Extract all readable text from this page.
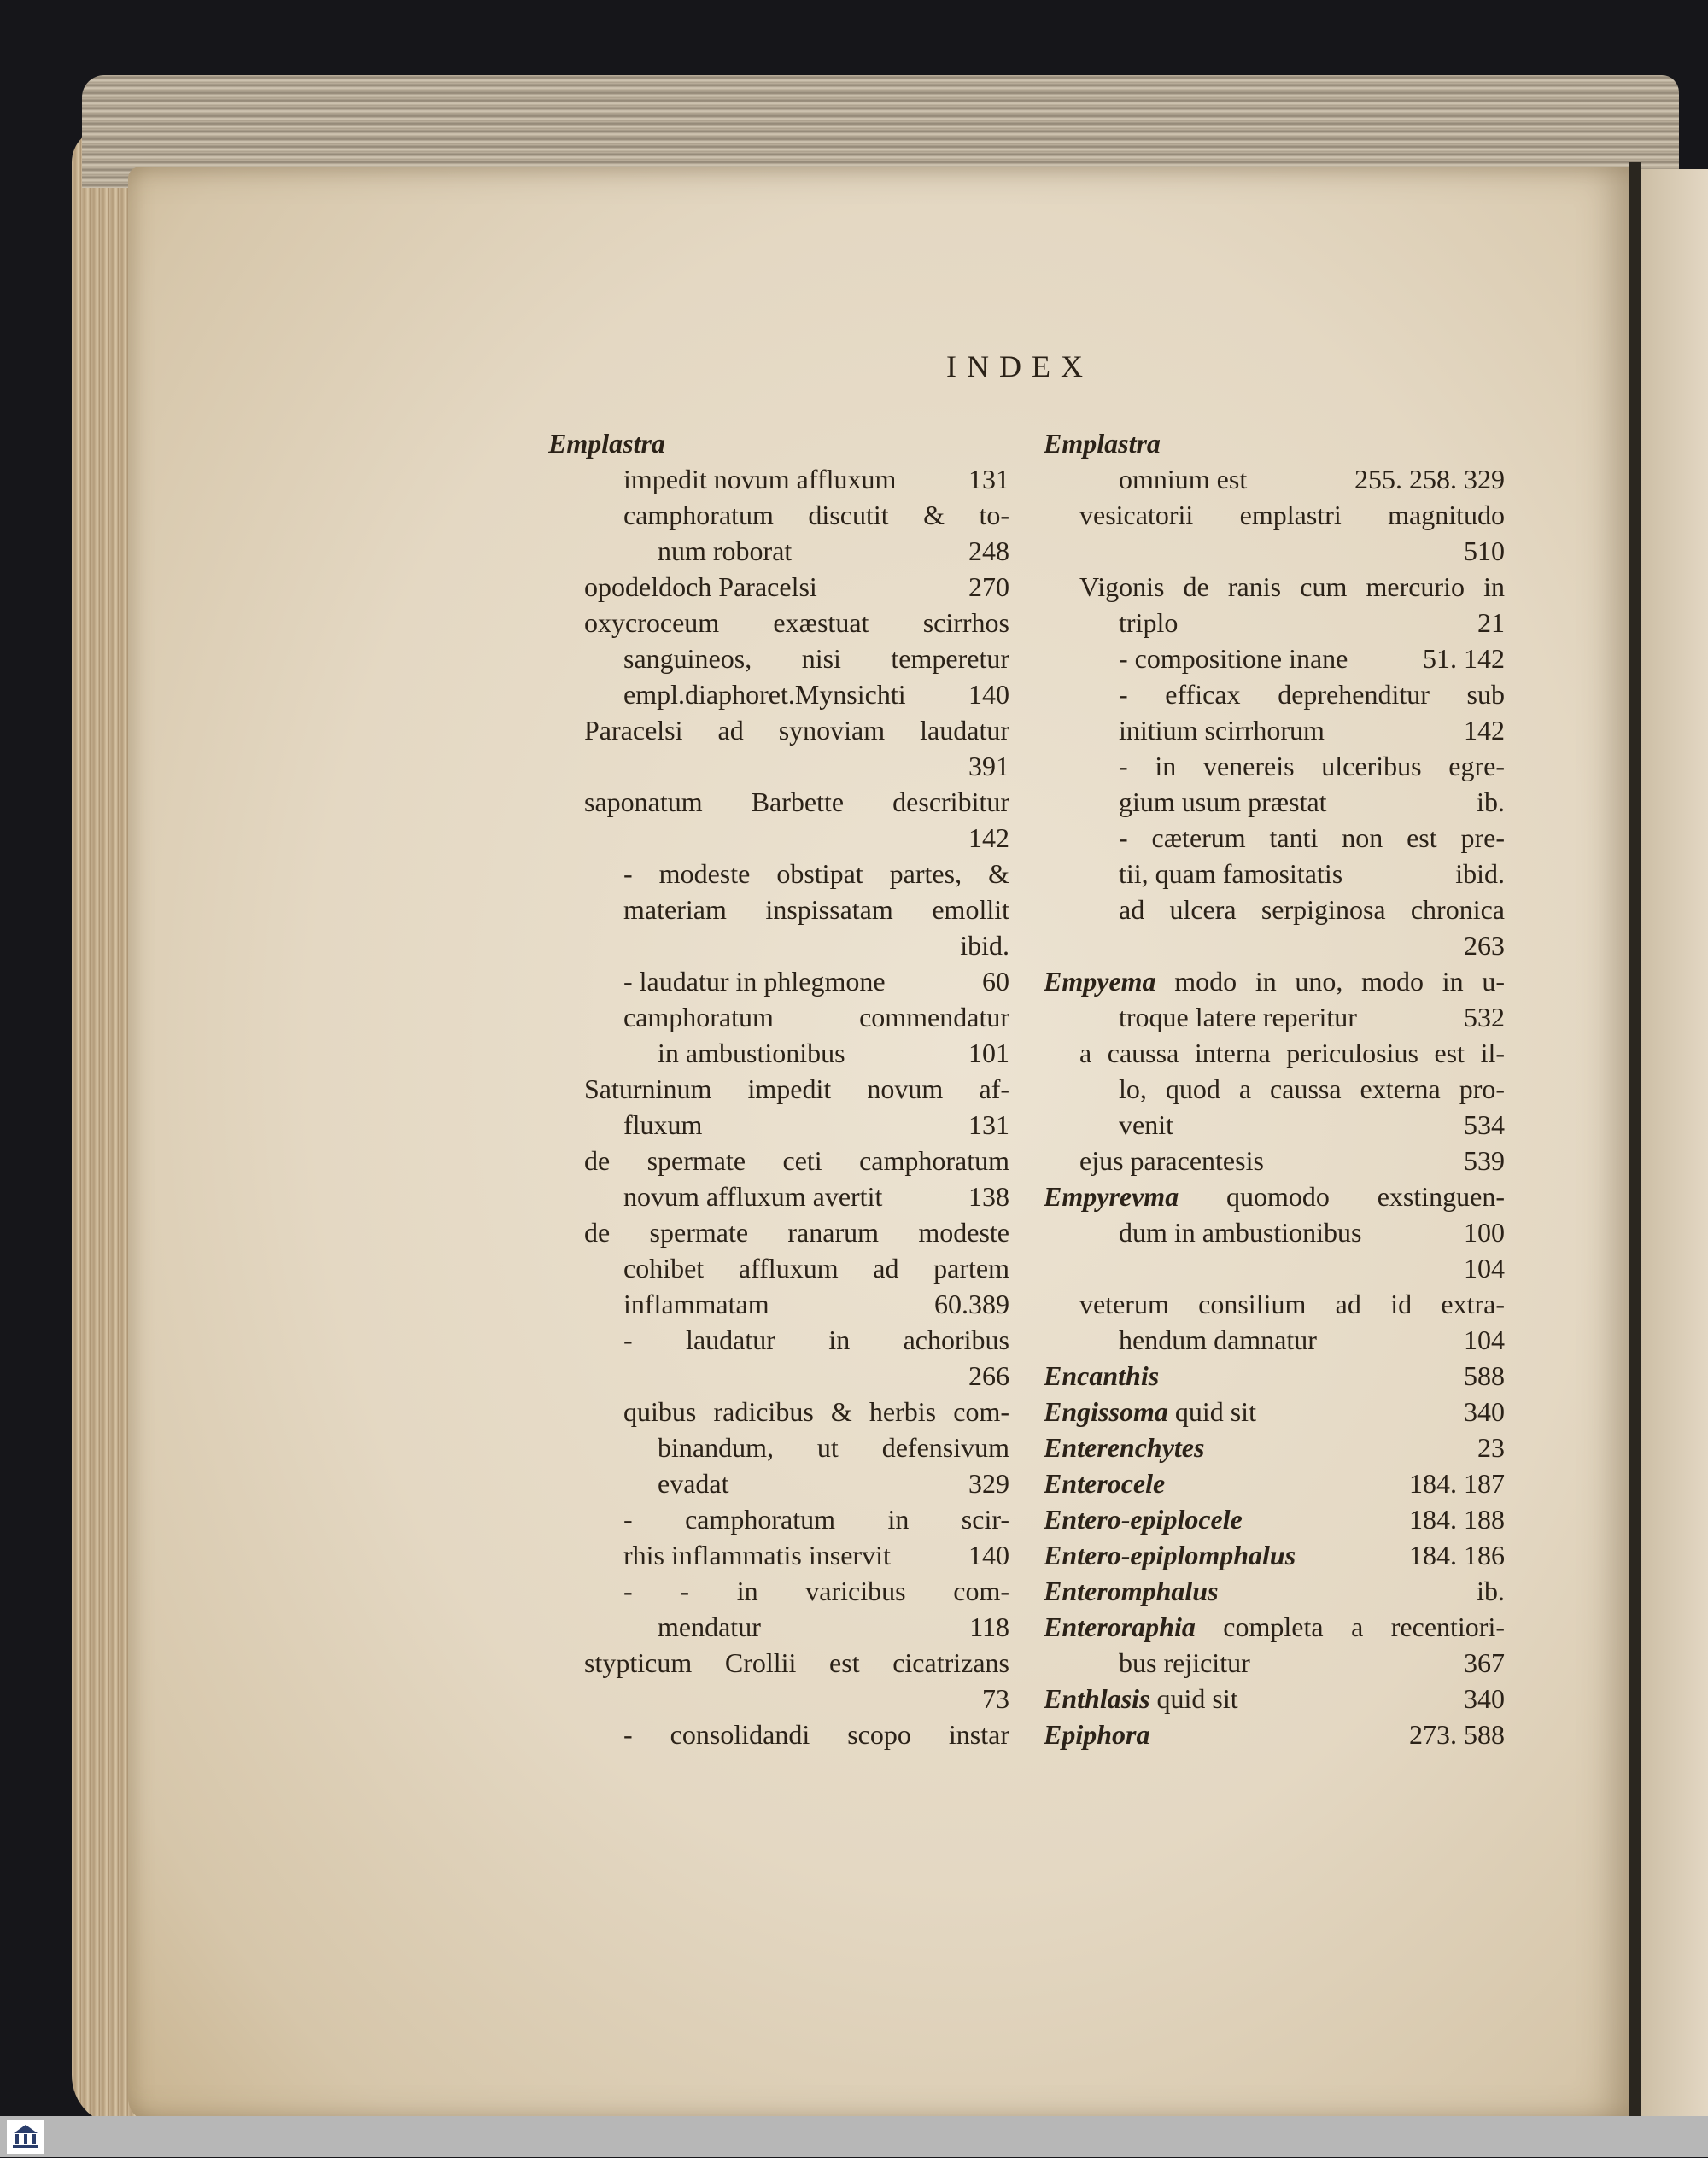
INDEX
Emplastra
impedit novum affluxum	131
camphoratum discutit & to-
num roborat	248
opodeldoch Paracelsi	270
oxycroceum exæstuat scirrhos
sanguineos, nisi temperetur
empl.diaphoret.Mynsichti 140
Paracelsi ad synoviam laudatur
391
saponatum Barbette describitur
142
- modeste obstipat partes, &
materiam inspissatam emollit
ibid.
- laudatur in phlegmone	60
camphoratum commendatur
in ambustionibus	101
Saturninum impedit novum af-
fluxum	131
de spermate ceti camphoratum
novum affluxum avertit	138
de spermate ranarum modeste
cohibet affluxum ad partem
inflammatam	60.389
- laudatur in achoribus
266
quibus radicibus & herbis com-
binandum, ut defensivum
evadat	329
- camphoratum in scir-
rhis inflammatis inservit	140
- - in varicibus com-
mendatur	118
stypticum Crollii est cicatrizans
73
- consolidandi scopo instar
Emplastra
omnium est	255. 258. 329
vesicatorii emplastri magnitudo
510
Vigonis de ranis cum mercurio in
triplo	21
- compositione inane	51. 142
- efficax deprehenditur sub
initium scirrhorum	142
- in venereis ulceribus egre-
gium usum præstat	ib.
- cæterum tanti non est pre-
tii, quam famositatis	ibid.
ad ulcera serpiginosa chronica
263
Empyema modo in uno, modo in u-
troque latere reperitur	532
a caussa interna periculosius est il-
lo, quod a caussa externa pro-
venit	534
ejus paracentesis	539
Empyrevma quomodo exstinguen-
dum in ambustionibus	100
104
veterum consilium ad id extra-
hendum damnatur	104
Encanthis	588
Engissoma quid sit	340
Enterenchytes	23
Enterocele	184. 187
Entero-epiplocele	184. 188
Entero-epiplomphalus	184. 186
Enteromphalus	ib.
Enteroraphia completa a recentiori-
bus rejicitur	367
Enthlasis quid sit	340
Epiphora	273. 588
